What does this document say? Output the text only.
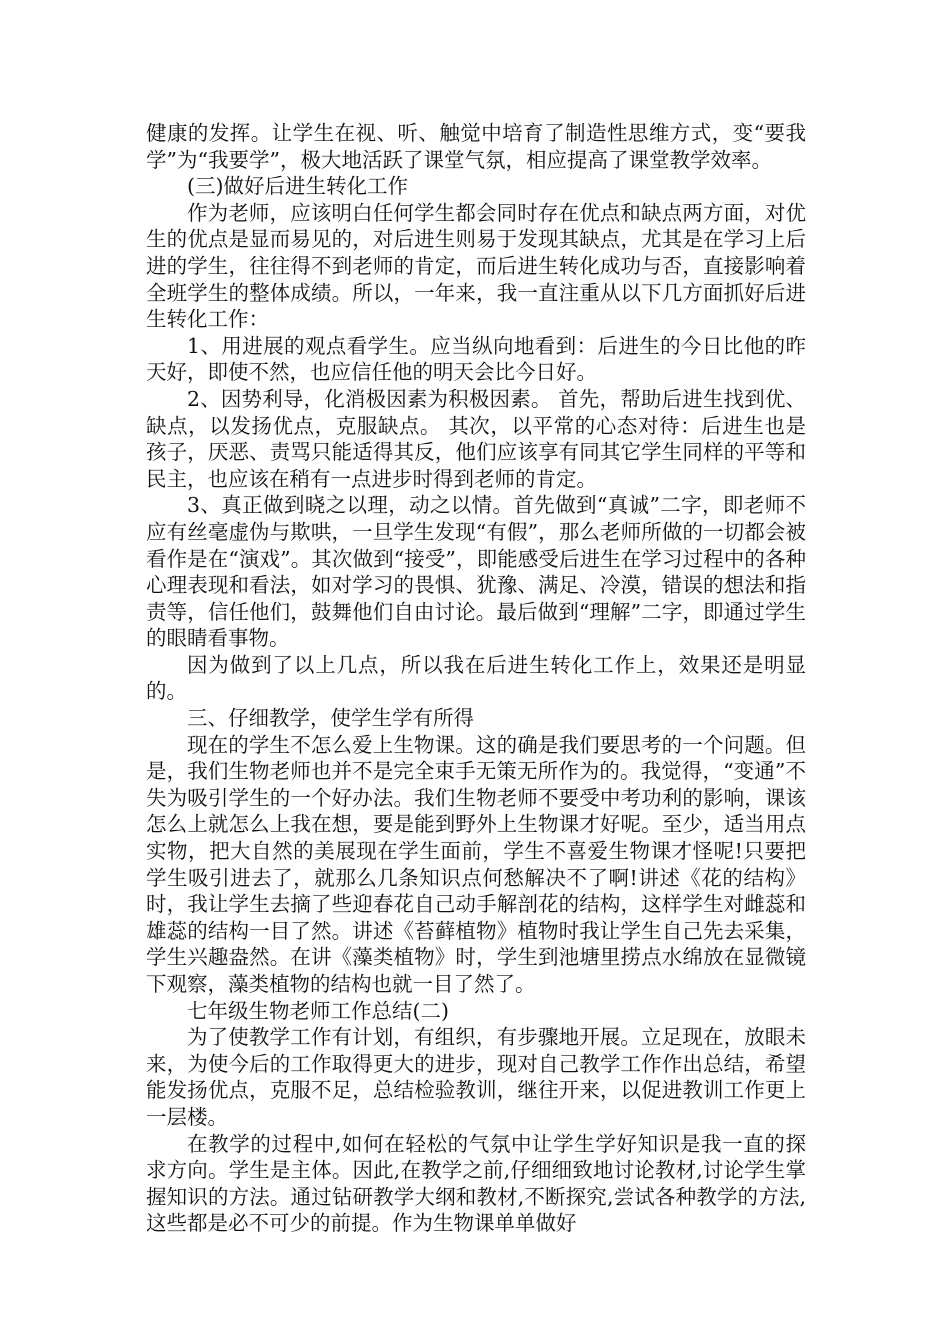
健康的发挥。让学生在视、听、触觉中培育了制造性思维方式，变“要我学”为“我要学”，极大地活跃了课堂气氛，相应提高了课堂教学效率。

(三)做好后进生转化工作

作为老师，应该明白任何学生都会同时存在优点和缺点两方面，对优生的优点是显而易见的，对后进生则易于发现其缺点，尤其是在学习上后进的学生，往往得不到老师的肯定，而后进生转化成功与否，直接影响着全班学生的整体成绩。所以，一年来，我一直注重从以下几方面抓好后进生转化工作：

1、用进展的观点看学生。应当纵向地看到：后进生的今日比他的昨天好，即使不然，也应信任他的明天会比今日好。

2、因势利导，化消极因素为积极因素。 首先，帮助后进生找到优、缺点，以发扬优点，克服缺点。 其次，以平常的心态对待：后进生也是孩子，厌恶、责骂只能适得其反，他们应该享有同其它学生同样的平等和民主，也应该在稍有一点进步时得到老师的肯定。

3、真正做到晓之以理，动之以情。首先做到“真诚”二字，即老师不应有丝毫虚伪与欺哄，一旦学生发现“有假”，那么老师所做的一切都会被看作是在“演戏”。其次做到“接受”，即能感受后进生在学习过程中的各种心理表现和看法，如对学习的畏惧、犹豫、满足、冷漠，错误的想法和指责等，信任他们，鼓舞他们自由讨论。最后做到“理解”二字，即通过学生的眼睛看事物。

因为做到了以上几点，所以我在后进生转化工作上，效果还是明显的。

三、仔细教学，使学生学有所得

现在的学生不怎么爱上生物课。这的确是我们要思考的一个问题。但是，我们生物老师也并不是完全束手无策无所作为的。我觉得，“变通”不失为吸引学生的一个好办法。我们生物老师不要受中考功利的影响，课该怎么上就怎么上我在想，要是能到野外上生物课才好呢。至少，适当用点实物，把大自然的美展现在学生面前，学生不喜爱生物课才怪呢!只要把学生吸引进去了，就那么几条知识点何愁解决不了啊!讲述《花的结构》时，我让学生去摘了些迎春花自己动手解剖花的结构，这样学生对雌蕊和雄蕊的结构一目了然。讲述《苔藓植物》植物时我让学生自己先去采集，学生兴趣盎然。在讲《藻类植物》时，学生到池塘里捞点水绵放在显微镜下观察，藻类植物的结构也就一目了然了。

七年级生物老师工作总结(二)

为了使教学工作有计划，有组织，有步骤地开展。立足现在，放眼未来，为使今后的工作取得更大的进步，现对自己教学工作作出总结，希望能发扬优点，克服不足，总结检验教训，继往开来，以促进教训工作更上一层楼。

在教学的过程中,如何在轻松的气氛中让学生学好知识是我一直的探求方向。学生是主体。因此,在教学之前,仔细细致地讨论教材,讨论学生掌握知识的方法。通过钻研教学大纲和教材,不断探究,尝试各种教学的方法,这些都是必不可少的前提。作为生物课单单做好
